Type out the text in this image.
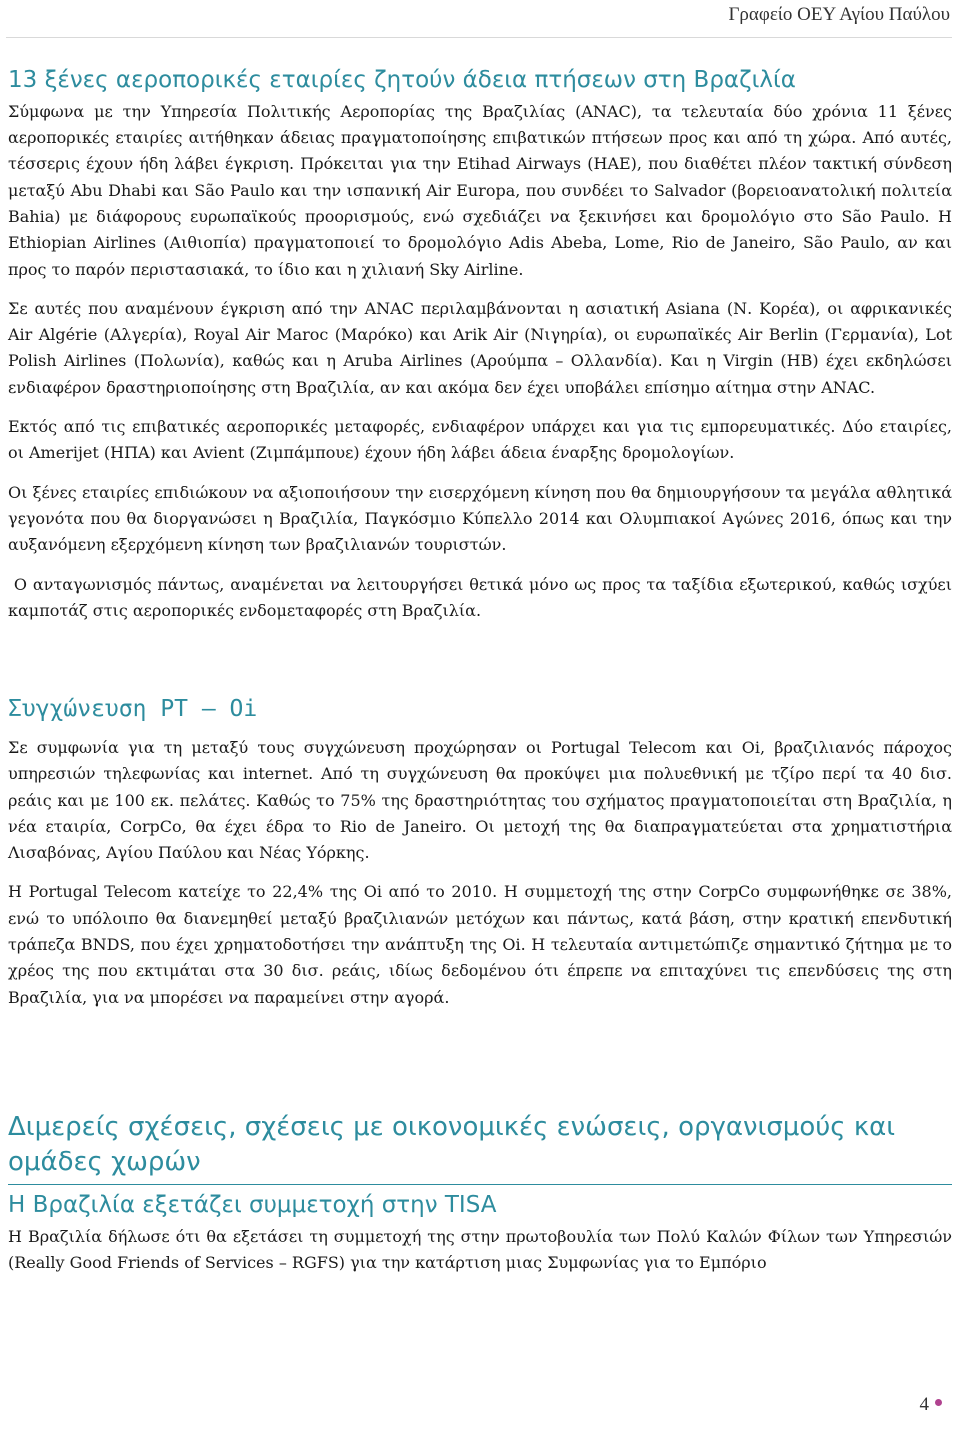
Γραφείο ΟΕΥ Αγίου Παύλου
13 ξένες αεροπορικές εταιρίες ζητούν άδεια πτήσεων στη Βραζιλία

Σύμφωνα με την Υπηρεσία Πολιτικής Αεροπορίας της Βραζιλίας (ANAC), τα τελευταία δύο χρόνια 11 ξένες αεροπορικές εταιρίες αιτήθηκαν άδειας πραγματοποίησης επιβατικών πτήσεων προς και από τη χώρα. Από αυτές, τέσσερις έχουν ήδη λάβει έγκριση. Πρόκειται για την Etihad Airways (ΗΑΕ), που διαθέτει πλέον τακτική σύνδεση μεταξύ Abu Dhabi και São Paulo και την ισπανική Air Europa, που συνδέει το Salvador (βορειοανατολική πολιτεία Bahia) με διάφορους ευρωπαϊκούς προορισμούς, ενώ σχεδιάζει να ξεκινήσει και δρομολόγιο στο São Paulo. Η Ethiopian Airlines (Αιθιοπία) πραγματοποιεί το δρομολόγιο Adis Abeba, Lome, Rio de Janeiro, São Paulo, αν και προς το παρόν περιστασιακά, το ίδιο και η χιλιανή Sky Airline.

Σε αυτές που αναμένουν έγκριση από την ANAC περιλαμβάνονται η ασιατική Asiana (Ν. Κορέα), οι αφρικανικές Air Algérie (Αλγερία), Royal Air Maroc (Μαρόκο) και Arik Air (Νιγηρία), οι ευρωπαϊκές Air Berlin (Γερμανία), Lot Polish Airlines (Πολωνία), καθώς και η Aruba Airlines (Αρούμπα – Ολλανδία). Και η Virgin (ΗΒ) έχει εκδηλώσει ενδιαφέρον δραστηριοποίησης στη Βραζιλία, αν και ακόμα δεν έχει υποβάλει επίσημο αίτημα στην ANAC.

Εκτός από τις επιβατικές αεροπορικές μεταφορές, ενδιαφέρον υπάρχει και για τις εμπορευματικές. Δύο εταιρίες, οι Amerijet (ΗΠΑ) και Avient (Ζιμπάμπουε) έχουν ήδη λάβει άδεια έναρξης δρομολογίων.

Οι ξένες εταιρίες επιδιώκουν να αξιοποιήσουν την εισερχόμενη κίνηση που θα δημιουργήσουν τα μεγάλα αθλητικά γεγονότα που θα διοργανώσει η Βραζιλία, Παγκόσμιο Κύπελλο 2014 και Ολυμπιακοί Αγώνες 2016, όπως και την αυξανόμενη εξερχόμενη κίνηση των βραζιλιανών τουριστών.

Ο ανταγωνισμός πάντως, αναμένεται να λειτουργήσει θετικά μόνο ως προς τα ταξίδια εξωτερικού, καθώς ισχύει καμποτάζ στις αεροπορικές ενδομεταφορές στη Βραζιλία.

Συγχώνευση PT – Oi

Σε συμφωνία για τη μεταξύ τους συγχώνευση προχώρησαν οι Portugal Telecom και Oi, βραζιλιανός πάροχος υπηρεσιών τηλεφωνίας και internet. Από τη συγχώνευση θα προκύψει μια πολυεθνική με τζίρο περί τα 40 δισ. ρεάις και με 100 εκ. πελάτες. Καθώς το 75% της δραστηριότητας του σχήματος πραγματοποιείται στη Βραζιλία, η νέα εταιρία, CorpCo, θα έχει έδρα το Rio de Janeiro. Οι μετοχή της θα διαπραγματεύεται στα χρηματιστήρια Λισαβόνας, Αγίου Παύλου και Νέας Υόρκης.

Η Portugal Telecom κατείχε το 22,4% της Oi από το 2010. Η συμμετοχή της στην CorpCo συμφωνήθηκε σε 38%, ενώ το υπόλοιπο θα διανεμηθεί μεταξύ βραζιλιανών μετόχων και πάντως, κατά βάση, στην κρατική επενδυτική τράπεζα BNDS, που έχει χρηματοδοτήσει την ανάπτυξη της Oi. Η τελευταία αντιμετώπιζε σημαντικό ζήτημα με το χρέος της που εκτιμάται στα 30 δισ. ρεάις, ιδίως δεδομένου ότι έπρεπε να επιταχύνει τις επενδύσεις της στη Βραζιλία, για να μπορέσει να παραμείνει στην αγορά.

Διμερείς σχέσεις, σχέσεις με οικονομικές ενώσεις, οργανισμούς και ομάδες χωρών
Η Βραζιλία εξετάζει συμμετοχή στην TISA

Η Βραζιλία δήλωσε ότι θα εξετάσει τη συμμετοχή της στην πρωτοβουλία των Πολύ Καλών Φίλων των Υπηρεσιών (Really Good Friends of Services – RGFS) για την κατάρτιση μιας Συμφωνίας για το Εμπόριο

4
